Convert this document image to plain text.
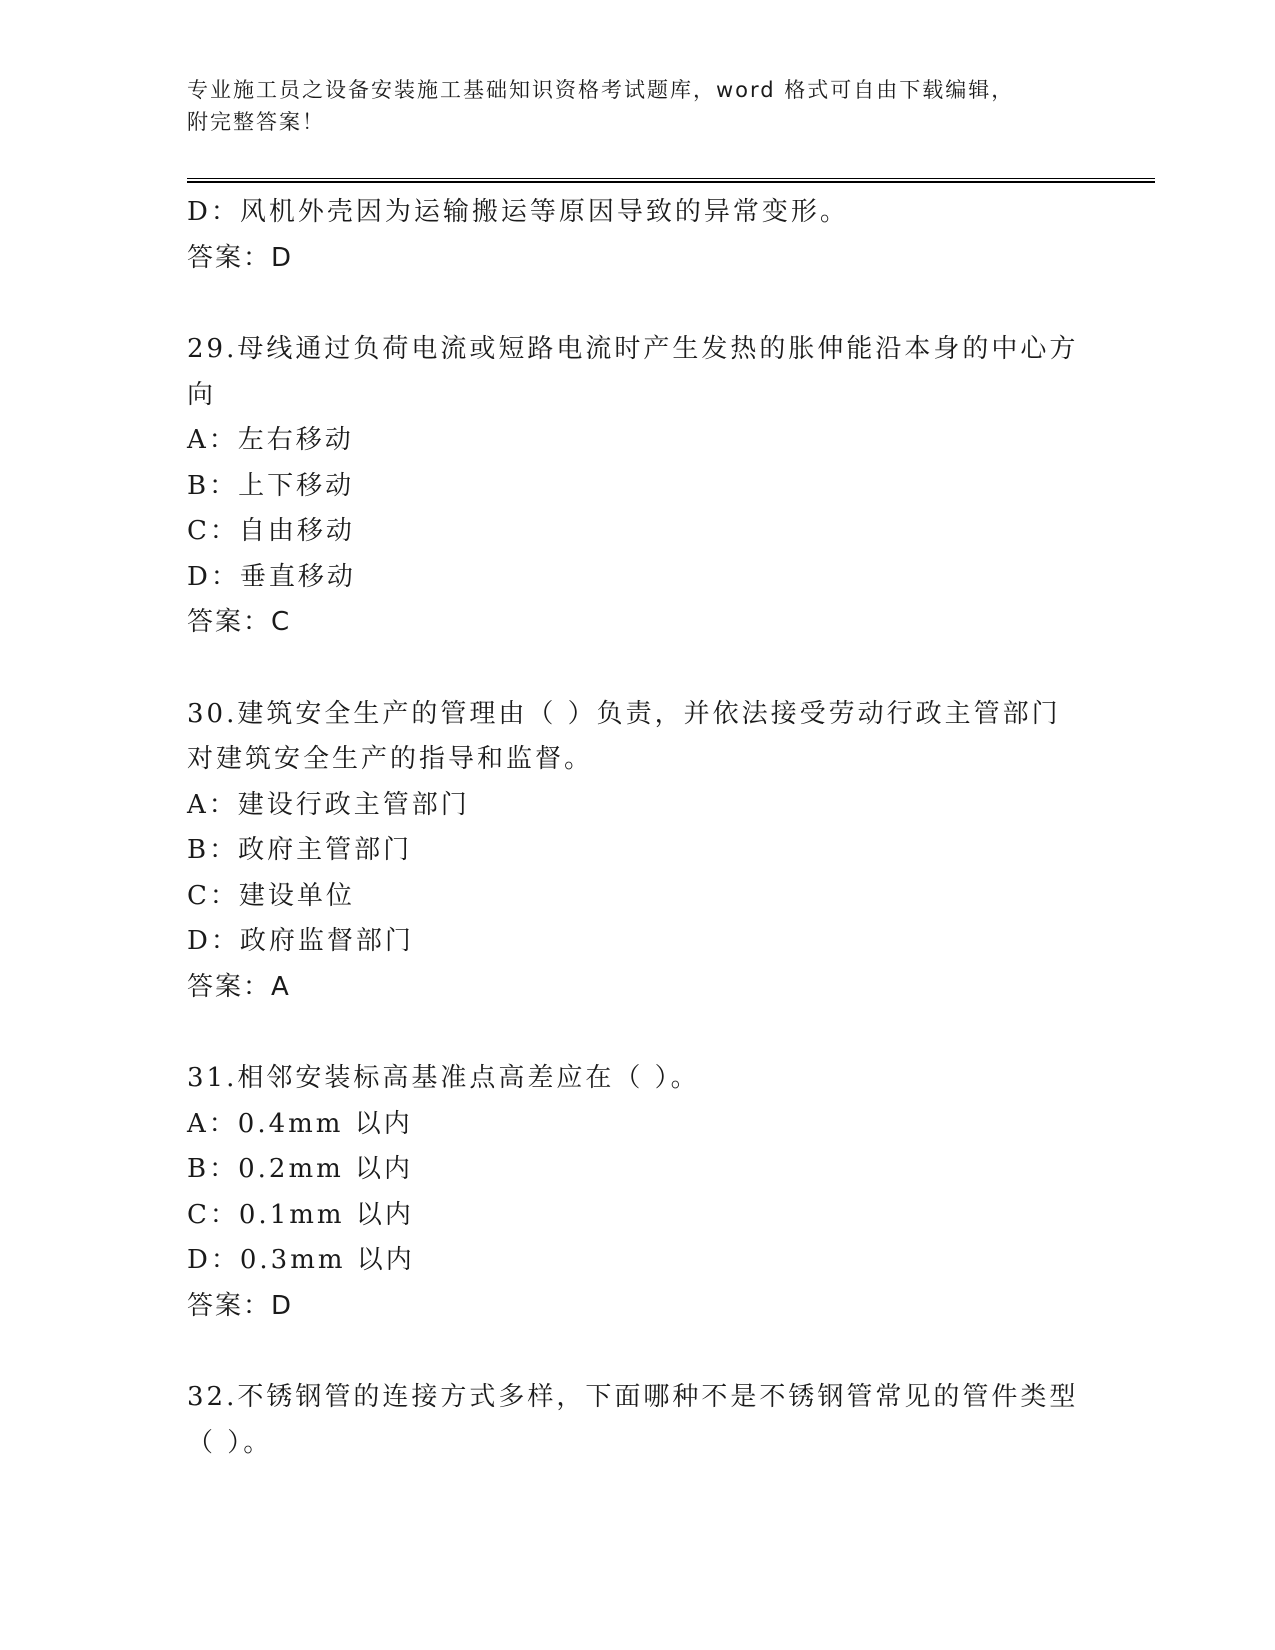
专业施工员之设备安装施工基础知识资格考试题库，word 格式可自由下载编辑，
附完整答案！
D：风机外壳因为运输搬运等原因导致的异常变形。
答案：D
29.母线通过负荷电流或短路电流时产生发热的胀伸能沿本身的中心方
向
A：左右移动
B：上下移动
C：自由移动
D：垂直移动
答案：C
30.建筑安全生产的管理由（ ）负责，并依法接受劳动行政主管部门
对建筑安全生产的指导和监督。
A：建设行政主管部门
B：政府主管部门
C：建设单位
D：政府监督部门
答案：A
31.相邻安装标高基准点高差应在（ ）。
A：0.4mm 以内
B：0.2mm 以内
C：0.1mm 以内
D：0.3mm 以内
答案：D
32.不锈钢管的连接方式多样，下面哪种不是不锈钢管常见的管件类型
（ ）。
